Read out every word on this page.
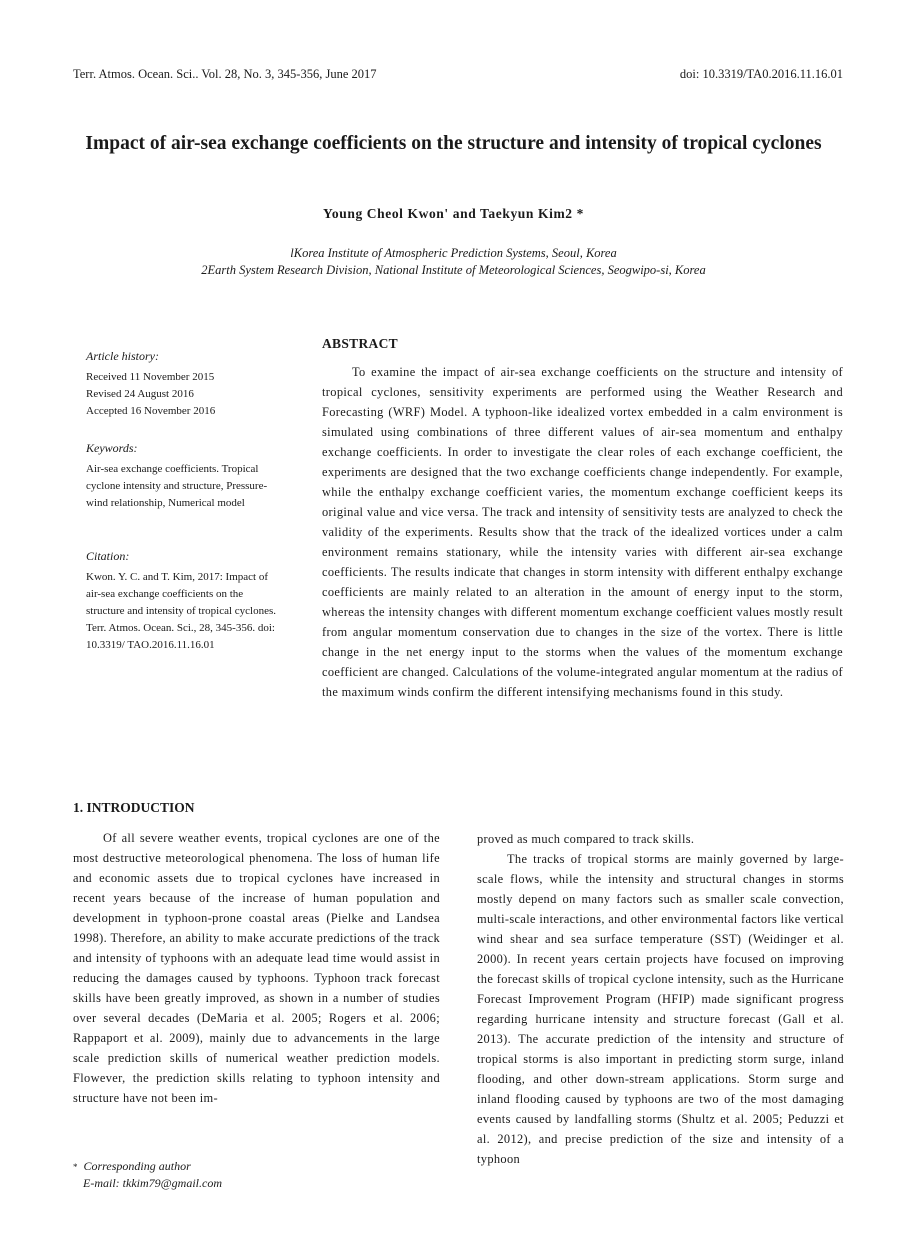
Terr. Atmos. Ocean. Sci.. Vol. 28, No. 3, 345-356, June 2017	doi: 10.3319/TA0.2016.11.16.01
Impact of air-sea exchange coefficients on the structure and intensity of tropical cyclones
Young Cheol Kwon' and Taekyun Kim2 *
lKorea Institute of Atmospheric Prediction Systems, Seoul, Korea
2Earth System Research Division, National Institute of Meteorological Sciences, Seogwipo-si, Korea
Article history:
Received 11 November 2015
Revised 24 August 2016
Accepted 16 November 2016
Keywords:
Air-sea exchange coefficients. Tropical cyclone intensity and structure, Pressure-wind relationship, Numerical model
Citation:
Kwon. Y. C. and T. Kim, 2017: Impact of air-sea exchange coefficients on the structure and intensity of tropical cyclones. Terr. Atmos. Ocean. Sci., 28, 345-356. doi: 10.3319/ TAO.2016.11.16.01
ABSTRACT
To examine the impact of air-sea exchange coefficients on the structure and intensity of tropical cyclones, sensitivity experiments are performed using the Weather Research and Forecasting (WRF) Model. A typhoon-like idealized vortex embedded in a calm environment is simulated using combinations of three different values of air-sea momentum and enthalpy exchange coefficients. In order to investigate the clear roles of each exchange coefficient, the experiments are designed that the two exchange coefficients change independently. For example, while the enthalpy exchange coefficient varies, the momentum exchange coefficient keeps its original value and vice versa. The track and intensity of sensitivity tests are analyzed to check the validity of the experiments. Results show that the track of the idealized vortices under a calm environment remains stationary, while the intensity varies with different air-sea exchange coefficients. The results indicate that changes in storm intensity with different enthalpy exchange coefficients are mainly related to an alteration in the amount of energy input to the storm, whereas the intensity changes with different momentum exchange coefficient values mostly result from angular momentum conservation due to changes in the size of the vortex. There is little change in the net energy input to the storms when the values of the momentum exchange coefficient are changed. Calculations of the volume-integrated angular momentum at the radius of the maximum winds confirm the different intensifying mechanisms found in this study.
1. INTRODUCTION

Of all severe weather events, tropical cyclones are one of the most destructive meteorological phenomena. The loss of human life and economic assets due to tropical cyclones have increased in recent years because of the increase of human population and development in typhoon-prone coastal areas (Pielke and Landsea 1998). Therefore, an ability to make accurate predictions of the track and intensity of typhoons with an adequate lead time would assist in reducing the damages caused by typhoons. Typhoon track forecast skills have been greatly improved, as shown in a number of studies over several decades (DeMaria et al. 2005; Rogers et al. 2006; Rappaport et al. 2009), mainly due to advancements in the large scale prediction skills of numerical weather prediction models. Flowever, the prediction skills relating to typhoon intensity and structure have not been im-

proved as much compared to track skills.

The tracks of tropical storms are mainly governed by large-scale flows, while the intensity and structural changes in storms mostly depend on many factors such as smaller scale convection, multi-scale interactions, and other environmental factors like vertical wind shear and sea surface temperature (SST) (Weidinger et al. 2000). In recent years certain projects have focused on improving the forecast skills of tropical cyclone intensity, such as the Hurricane Forecast Improvement Program (HFIP) made significant progress regarding hurricane intensity and structure forecast (Gall et al. 2013). The accurate prediction of the intensity and structure of tropical storms is also important in predicting storm surge, inland flooding, and other down-stream applications. Storm surge and inland flooding caused by typhoons are two of the most damaging events caused by landfalling storms (Shultz et al. 2005; Peduzzi et al. 2012), and precise prediction of the size and intensity of a typhoon

* Corresponding author
E-mail: tkkim79@gmail.com
